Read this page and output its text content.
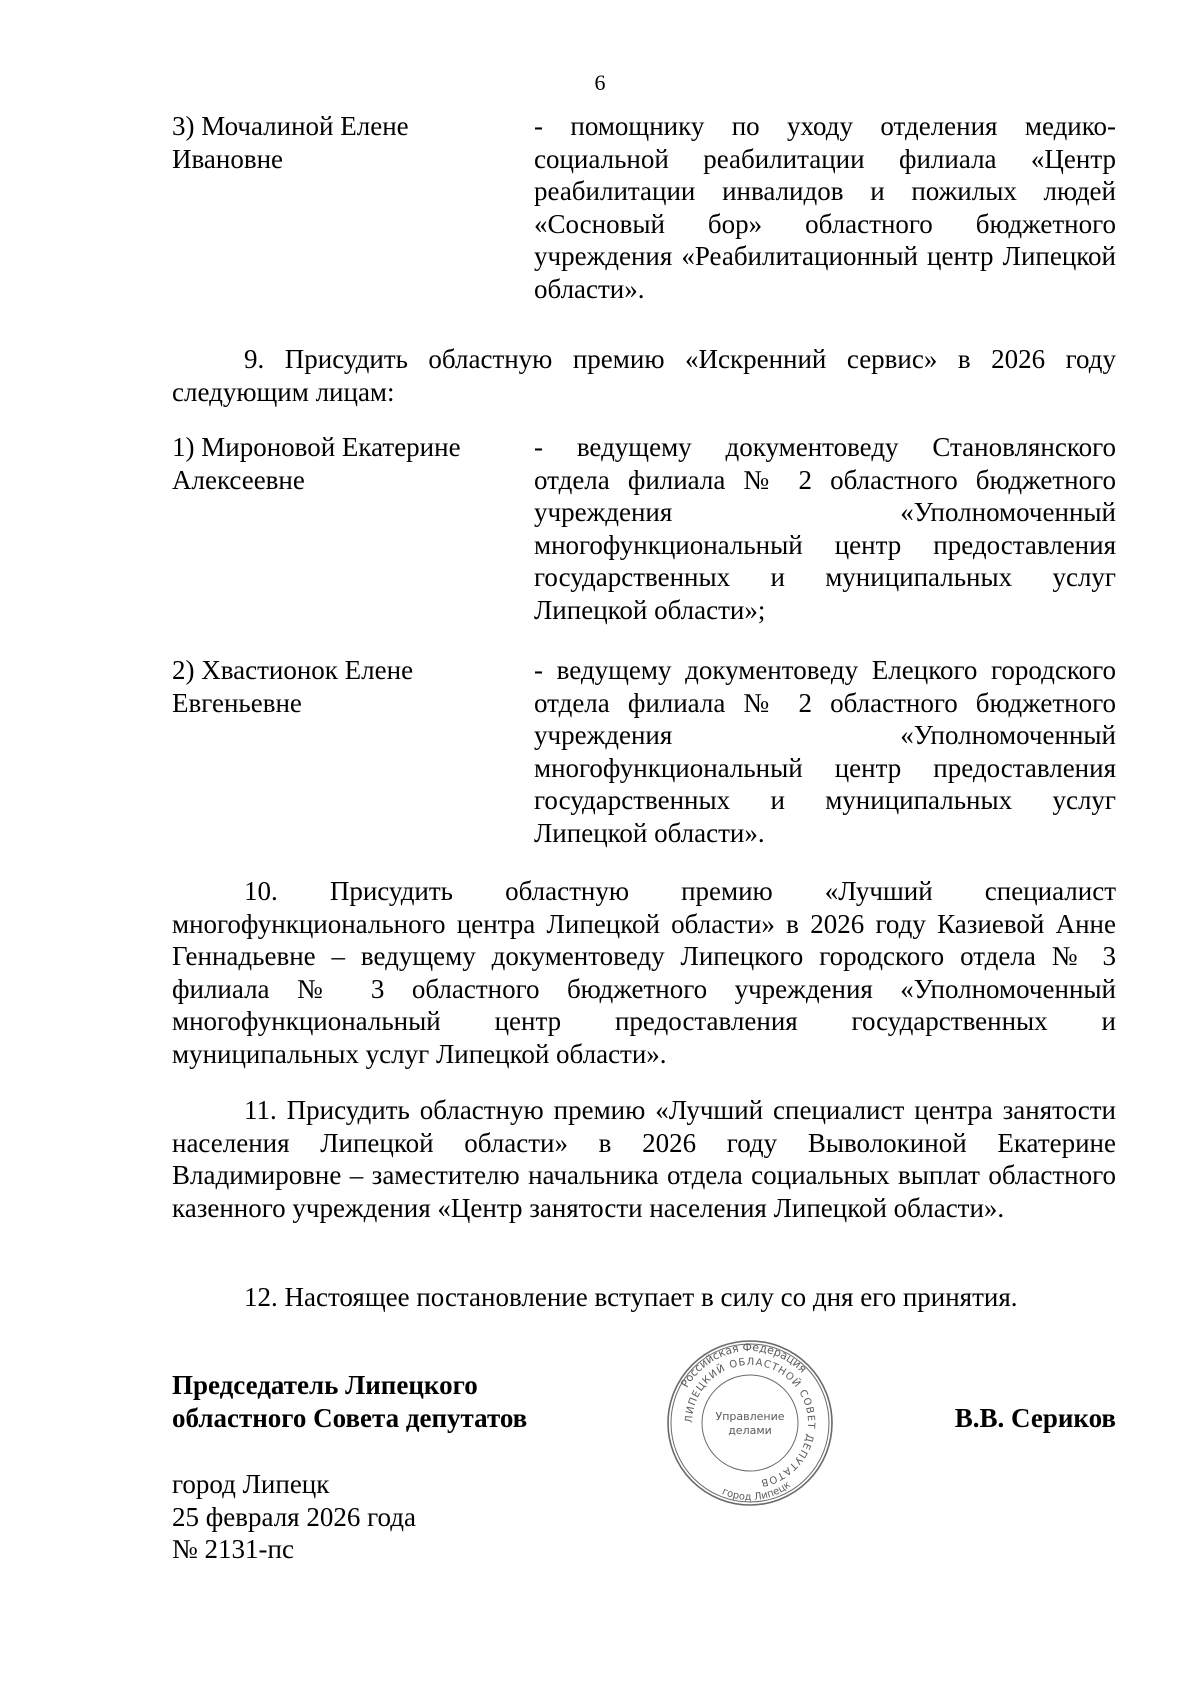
6
3) Мочалиной Елене Ивановне
- помощнику по уходу отделения медико-социальной реабилитации филиала «Центр реабилитации инвалидов и пожилых людей «Сосновый бор» областного бюджетного учреждения «Реабилитационный центр Липецкой области».
9. Присудить областную премию «Искренний сервис» в 2026 году следующим лицам:
1) Мироновой Екатерине Алексеевне
- ведущему документоведу Становлянского отдела филиала № 2 областного бюджетного учреждения «Уполномоченный многофункциональный центр предоставления государственных и муниципальных услуг Липецкой области»;
2) Хвастионок Елене Евгеньевне
- ведущему документоведу Елецкого городского отдела филиала № 2 областного бюджетного учреждения «Уполномоченный многофункциональный центр предоставления государственных и муниципальных услуг Липецкой области».
10. Присудить областную премию «Лучший специалист многофункционального центра Липецкой области» в 2026 году Казиевой Анне Геннадьевне – ведущему документоведу Липецкого городского отдела № 3 филиала № 3 областного бюджетного учреждения «Уполномоченный многофункциональный центр предоставления государственных и муниципальных услуг Липецкой области».
11. Присудить областную премию «Лучший специалист центра занятости населения Липецкой области» в 2026 году Выволокиной Екатерине Владимировне – заместителю начальника отдела социальных выплат областного казенного учреждения «Центр занятости населения Липецкой области».
12. Настоящее постановление вступает в силу со дня его принятия.
Председатель Липецкого
областного Совета депутатов	В.В. Сериков
Российская Федерация
ЛИПЕЦКИЙ ОБЛАСТНОЙ СОВЕТ ДЕПУТАТОВ
город Липецк
Управление
делами
город Липецк
25 февраля 2026 года
№ 2131-пс
